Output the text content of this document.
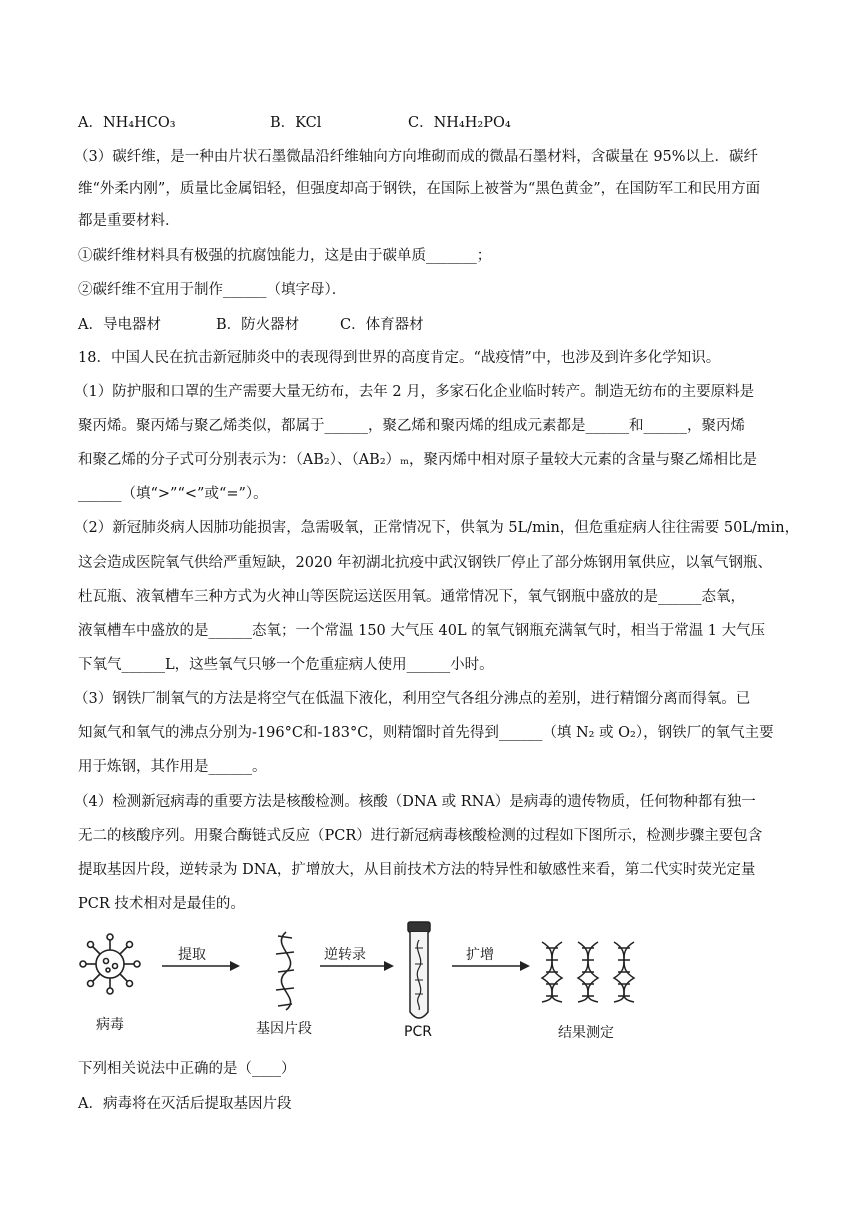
A．NH₄HCO₃	B．KCl	C．NH₄H₂PO₄
（3）碳纤维，是一种由片状石墨微晶沿纤维轴向方向堆砌而成的微晶石墨材料，含碳量在 95%以上．碳纤
维“外柔内刚”，质量比金属铝轻，但强度却高于钢铁，在国际上被誉为“黑色黄金”，在国防军工和民用方面
都是重要材料．
①碳纤维材料具有极强的抗腐蚀能力，这是由于碳单质_______；
②碳纤维不宜用于制作______（填字母）．
A．导电器材	B．防火器材	C．体育器材
18．中国人民在抗击新冠肺炎中的表现得到世界的高度肯定。“战疫情”中，也涉及到许多化学知识。
（1）防护服和口罩的生产需要大量无纺布，去年 2 月，多家石化企业临时转产。制造无纺布的主要原料是
聚丙烯。聚丙烯与聚乙烯类似，都属于______，聚乙烯和聚丙烯的组成元素都是______和______，聚丙烯
和聚乙烯的分子式可分别表示为：（AB₂）、（AB₂）ₘ，聚丙烯中相对原子量较大元素的含量与聚乙烯相比是
______（填“>”“<”或“=”）。
（2）新冠肺炎病人因肺功能损害，急需吸氧，正常情况下，供氧为 5L/min，但危重症病人往往需要 50L/min，
这会造成医院氧气供给严重短缺，2020 年初湖北抗疫中武汉钢铁厂停止了部分炼钢用氧供应，以氧气钢瓶、
杜瓦瓶、液氧槽车三种方式为火神山等医院运送医用氧。通常情况下，氧气钢瓶中盛放的是______态氧，
液氧槽车中盛放的是______态氧；一个常温 150 大气压 40L 的氧气钢瓶充满氧气时，相当于常温 1 大气压
下氧气______L，这些氧气只够一个危重症病人使用______小时。
（3）钢铁厂制氧气的方法是将空气在低温下液化，利用空气各组分沸点的差别，进行精馏分离而得氧。已
知氮气和氧气的沸点分别为-196°C和-183°C，则精馏时首先得到______（填 N₂ 或 O₂），钢铁厂的氧气主要
用于炼钢，其作用是______。
（4）检测新冠病毒的重要方法是核酸检测。核酸（DNA 或 RNA）是病毒的遗传物质，任何物种都有独一
无二的核酸序列。用聚合酶链式反应（PCR）进行新冠病毒核酸检测的过程如下图所示，检测步骤主要包含
提取基因片段，逆转录为 DNA，扩增放大，从目前技术方法的特异性和敏感性来看，第二代实时荧光定量
PCR 技术相对是最佳的。
提取	逆转录	扩增
病毒	基因片段	PCR	结果测定
下列相关说法中正确的是（____）
A．病毒将在灭活后提取基因片段
